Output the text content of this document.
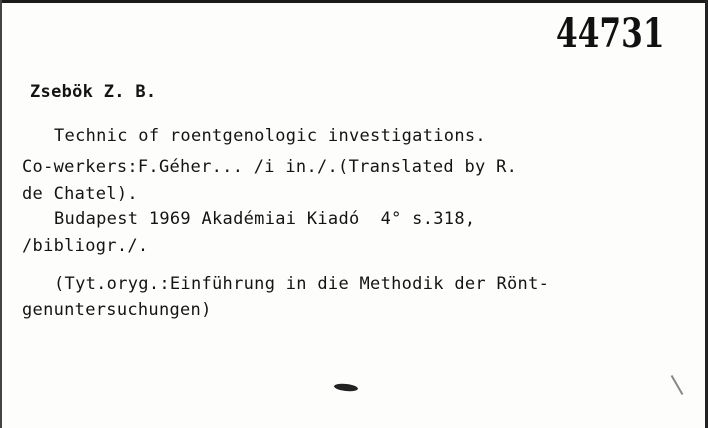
44731
Zsebök Z. B.
Technic of roentgenologic investigations.
Co-werkers:F.Géher... /i in./.(Translated by R.
de Chatel).
Budapest 1969 Akadémiai Kiadó  4° s.318,
/bibliogr./.
(Tyt.oryg.:Einführung in die Methodik der Rönt-
genuntersuchungen)
